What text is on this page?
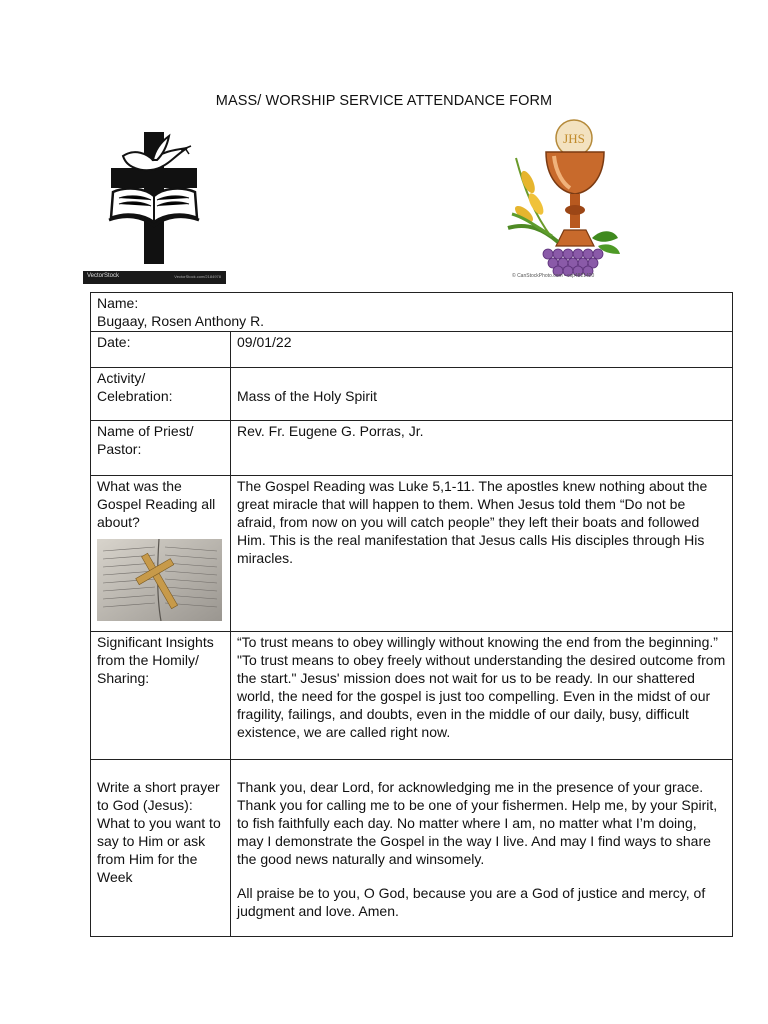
MASS/ WORSHIP SERVICE ATTENDANCE FORM
VectorStock	VectorStock.com/2184978
JHS
© CanStockPhoto.com - csp4821420
Name:
Bugaay, Rosen Anthony R.	

Date:	09/01/22
Activity/ Celebration:	Mass of the Holy Spirit
Name of Priest/ Pastor:	Rev. Fr. Eugene G. Porras, Jr.

What was the Gospel Reading all about?	The Gospel Reading was Luke 5,1-11. The apostles knew nothing about the great miracle that will happen to them. When Jesus told them “Do not be afraid, from now on you will catch people” they left their boats and followed Him. This is the real manifestation that Jesus calls His disciples through His miracles.
Significant Insights from the Homily/ Sharing:	“To trust means to obey willingly without knowing the end from the beginning.” "To trust means to obey freely without understanding the desired outcome from the start." Jesus' mission does not wait for us to be ready. In our shattered world, the need for the gospel is just too compelling. Even in the midst of our fragility, failings, and doubts, even in the middle of our daily, busy, difficult existence, we are called right now.
Write a short prayer to God (Jesus): What to you want to say to Him or ask from Him for the Week	Thank you, dear Lord, for acknowledging me in the presence of your grace. Thank you for calling me to be one of your fishermen. Help me, by your Spirit, to fish faithfully each day. No matter where I am, no matter what I’m doing, may I demonstrate the Gospel in the way I live. And may I find ways to share the good news naturally and winsomely.

All praise be to you, O God, because you are a God of justice and mercy, of judgment and love. Amen.
